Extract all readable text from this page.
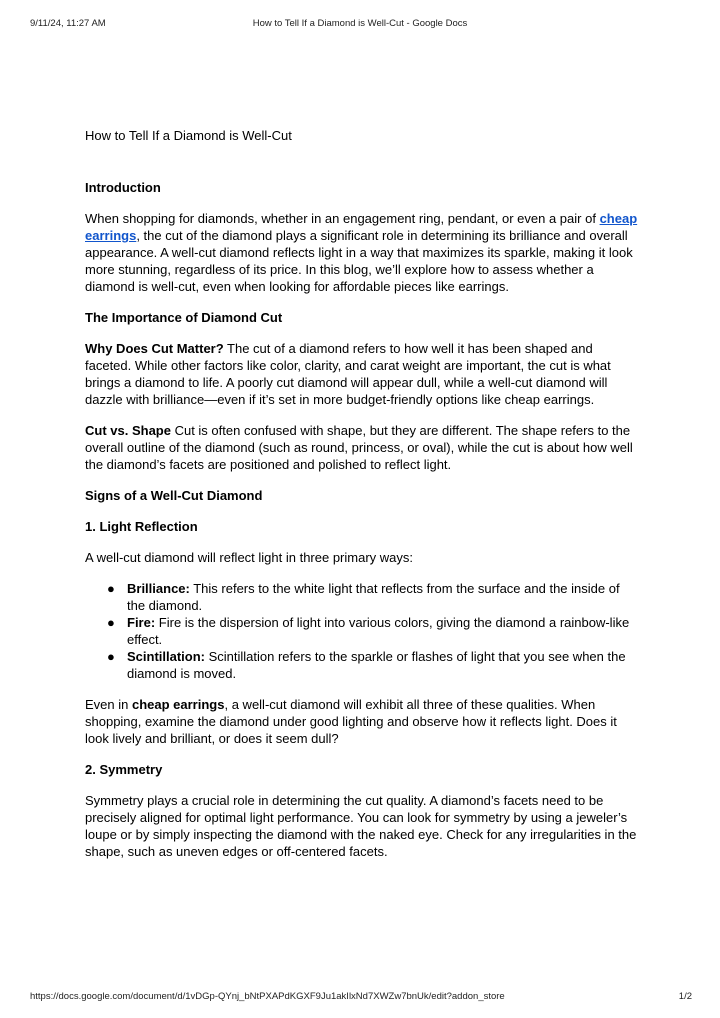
9/11/24, 11:27 AM	How to Tell If a Diamond is Well-Cut - Google Docs

How to Tell If a Diamond is Well-Cut

Introduction

When shopping for diamonds, whether in an engagement ring, pendant, or even a pair of cheap earrings, the cut of the diamond plays a significant role in determining its brilliance and overall appearance. A well-cut diamond reflects light in a way that maximizes its sparkle, making it look more stunning, regardless of its price. In this blog, we’ll explore how to assess whether a diamond is well-cut, even when looking for affordable pieces like earrings.

The Importance of Diamond Cut

Why Does Cut Matter? The cut of a diamond refers to how well it has been shaped and faceted. While other factors like color, clarity, and carat weight are important, the cut is what brings a diamond to life. A poorly cut diamond will appear dull, while a well-cut diamond will dazzle with brilliance—even if it’s set in more budget-friendly options like cheap earrings.

Cut vs. Shape Cut is often confused with shape, but they are different. The shape refers to the overall outline of the diamond (such as round, princess, or oval), while the cut is about how well the diamond’s facets are positioned and polished to reflect light.

Signs of a Well-Cut Diamond

1. Light Reflection

A well-cut diamond will reflect light in three primary ways:

● Brilliance: This refers to the white light that reflects from the surface and the inside of the diamond.
● Fire: Fire is the dispersion of light into various colors, giving the diamond a rainbow-like effect.
● Scintillation: Scintillation refers to the sparkle or flashes of light that you see when the diamond is moved.

Even in cheap earrings, a well-cut diamond will exhibit all three of these qualities. When shopping, examine the diamond under good lighting and observe how it reflects light. Does it look lively and brilliant, or does it seem dull?

2. Symmetry

Symmetry plays a crucial role in determining the cut quality. A diamond’s facets need to be precisely aligned for optimal light performance. You can look for symmetry by using a jeweler’s loupe or by simply inspecting the diamond with the naked eye. Check for any irregularities in the shape, such as uneven edges or off-centered facets.

https://docs.google.com/document/d/1vDGp-QYnj_bNtPXAPdKGXF9Ju1akIlxNd7XWZw7bnUk/edit?addon_store	1/2
